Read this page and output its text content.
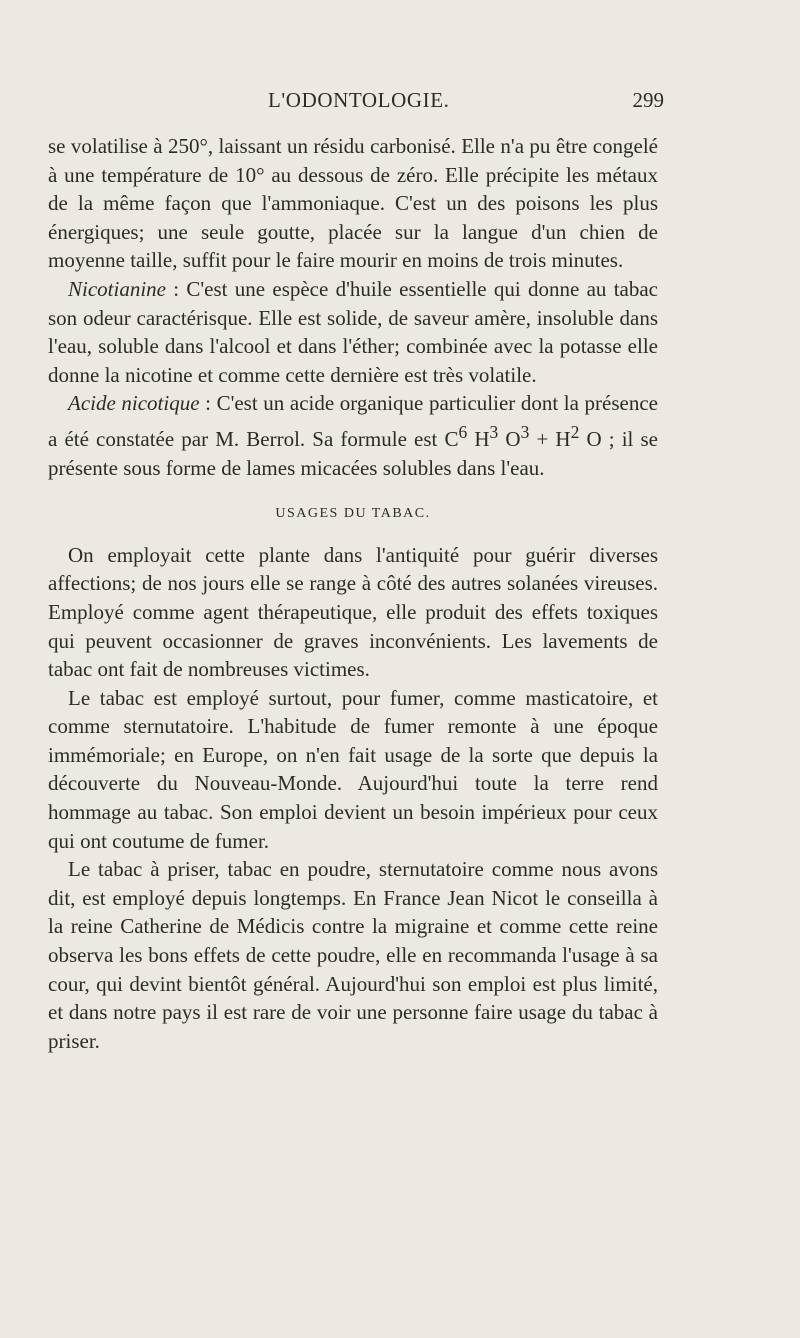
L'ODONTOLOGIE.	299

se volatilise à 250°, laissant un résidu carbonisé. Elle n'a pu être congelé à une température de 10° au dessous de zéro. Elle précipite les métaux de la même façon que l'ammoniaque. C'est un des poisons les plus énergiques; une seule goutte, placée sur la langue d'un chien de moyenne taille, suffit pour le faire mourir en moins de trois minutes.

Nicotianine : C'est une espèce d'huile essentielle qui donne au tabac son odeur caractérisque. Elle est solide, de saveur amère, insoluble dans l'eau, soluble dans l'alcool et dans l'éther; combinée avec la potasse elle donne la nicotine et comme cette dernière est très volatile.

Acide nicotique : C'est un acide organique particulier dont la présence a été constatée par M. Berrol. Sa formule est $C^6$ $H^3$ $O^3 + H^2$ O ; il se présente sous forme de lames micacées solubles dans l'eau.

USAGES DU TABAC.

On employait cette plante dans l'antiquité pour guérir diverses affections; de nos jours elle se range à côté des autres solanées vireuses. Employé comme agent thérapeutique, elle produit des effets toxiques qui peuvent occasionner de graves inconvénients. Les lavements de tabac ont fait de nombreuses victimes.

Le tabac est employé surtout, pour fumer, comme masticatoire, et comme sternutatoire. L'habitude de fumer remonte à une époque immémoriale; en Europe, on n'en fait usage de la sorte que depuis la découverte du Nouveau-Monde. Aujourd'hui toute la terre rend hommage au tabac. Son emploi devient un besoin impérieux pour ceux qui ont coutume de fumer.

Le tabac à priser, tabac en poudre, sternutatoire comme nous avons dit, est employé depuis longtemps. En France Jean Nicot le conseilla à la reine Catherine de Médicis contre la migraine et comme cette reine observa les bons effets de cette poudre, elle en recommanda l'usage à sa cour, qui devint bientôt général. Aujourd'hui son emploi est plus limité, et dans notre pays il est rare de voir une personne faire usage du tabac à priser.
